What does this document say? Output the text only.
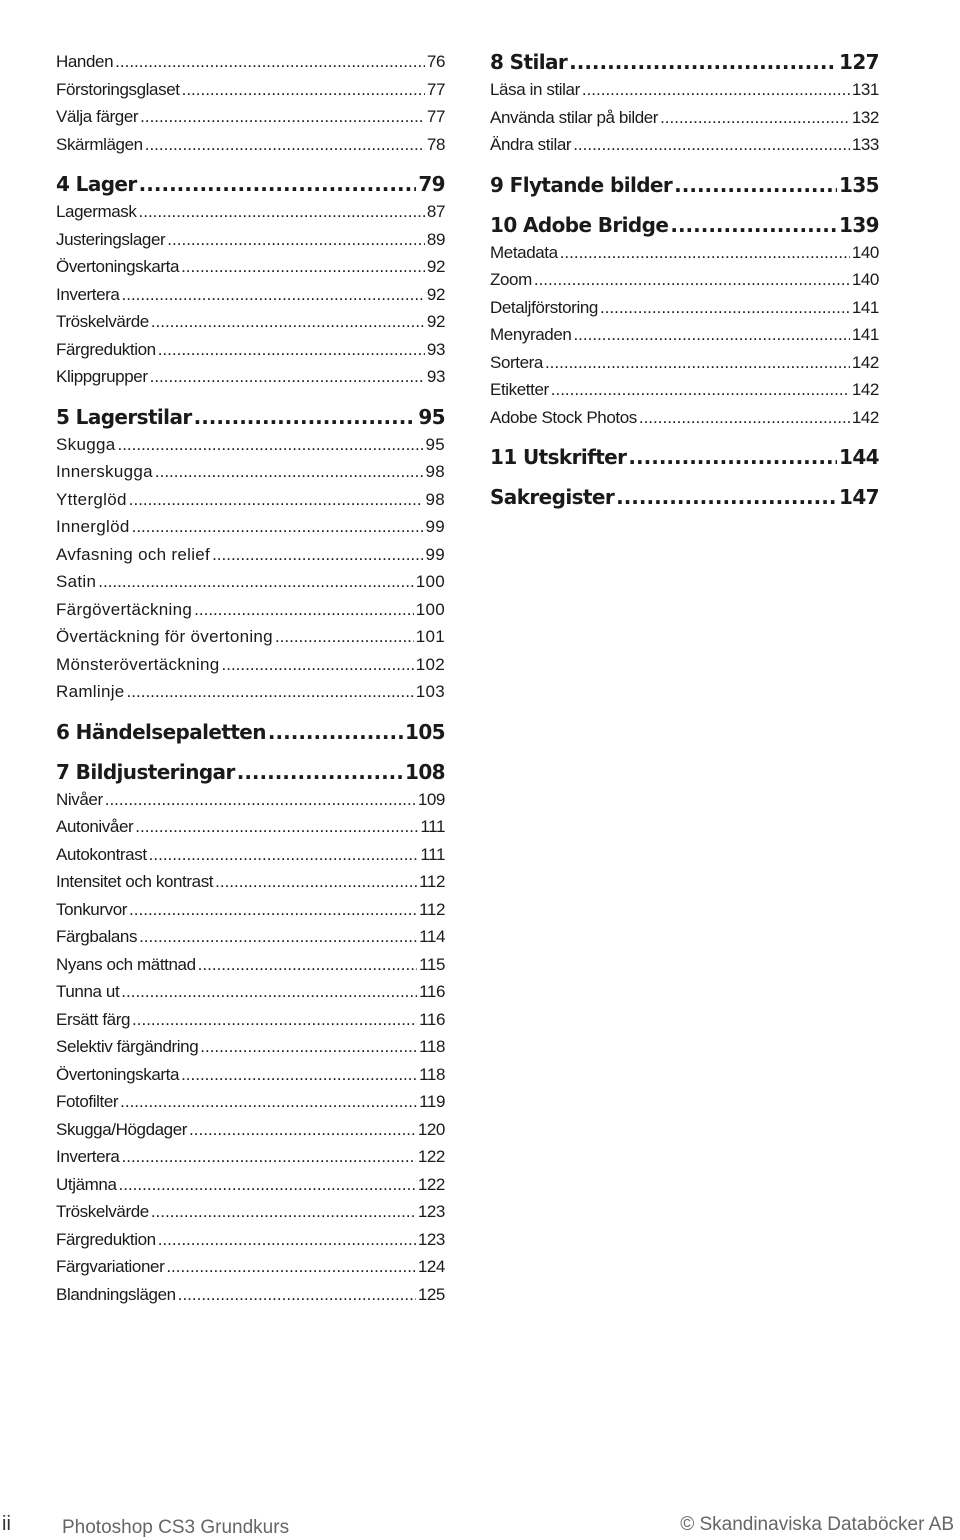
Handen .....	76
Förstoringsglaset .....	77
Välja färger .....	77
Skärmlägen .....	78
4 Lager .....	79
Lagermask .....	87
Justeringslager .....	89
Övertoningskarta .....	92
Invertera .....	92
Tröskelvärde .....	92
Färgreduktion .....	93
Klippgrupper .....	93
5 Lagerstilar .....	95
Skugga .....	95
Innerskugga .....	98
Ytterglöd .....	98
Innerglöd .....	99
Avfasning och relief .....	99
Satin .....	100
Färgövertäckning .....	100
Övertäckning för övertoning .....	101
Mönsterövertäckning .....	102
Ramlinje .....	103
6 Händelsepaletten .....	105
7 Bildjusteringar .....	108
Nivåer .....	109
Autonivåer .....	111
Autokontrast .....	111
Intensitet och kontrast .....	112
Tonkurvor .....	112
Färgbalans .....	114
Nyans och mättnad .....	115
Tunna ut .....	116
Ersätt färg .....	116
Selektiv färgändring .....	118
Övertoningskarta .....	118
Fotofilter .....	119
Skugga/Högdager .....	120
Invertera .....	122
Utjämna .....	122
Tröskelvärde .....	123
Färgreduktion .....	123
Färgvariationer .....	124
Blandningslägen .....	125
8 Stilar .....	127
Läsa in stilar .....	131
Använda stilar på bilder .....	132
Ändra stilar .....	133
9 Flytande bilder .....	135
10 Adobe Bridge .....	139
Metadata .....	140
Zoom .....	140
Detaljförstoring .....	141
Menyraden .....	141
Sortera .....	142
Etiketter .....	142
Adobe Stock Photos .....	142
11 Utskrifter .....	144
Sakregister .....	147
ii	Photoshop CS3 Grundkurs	© Skandinaviska Databöcker AB
